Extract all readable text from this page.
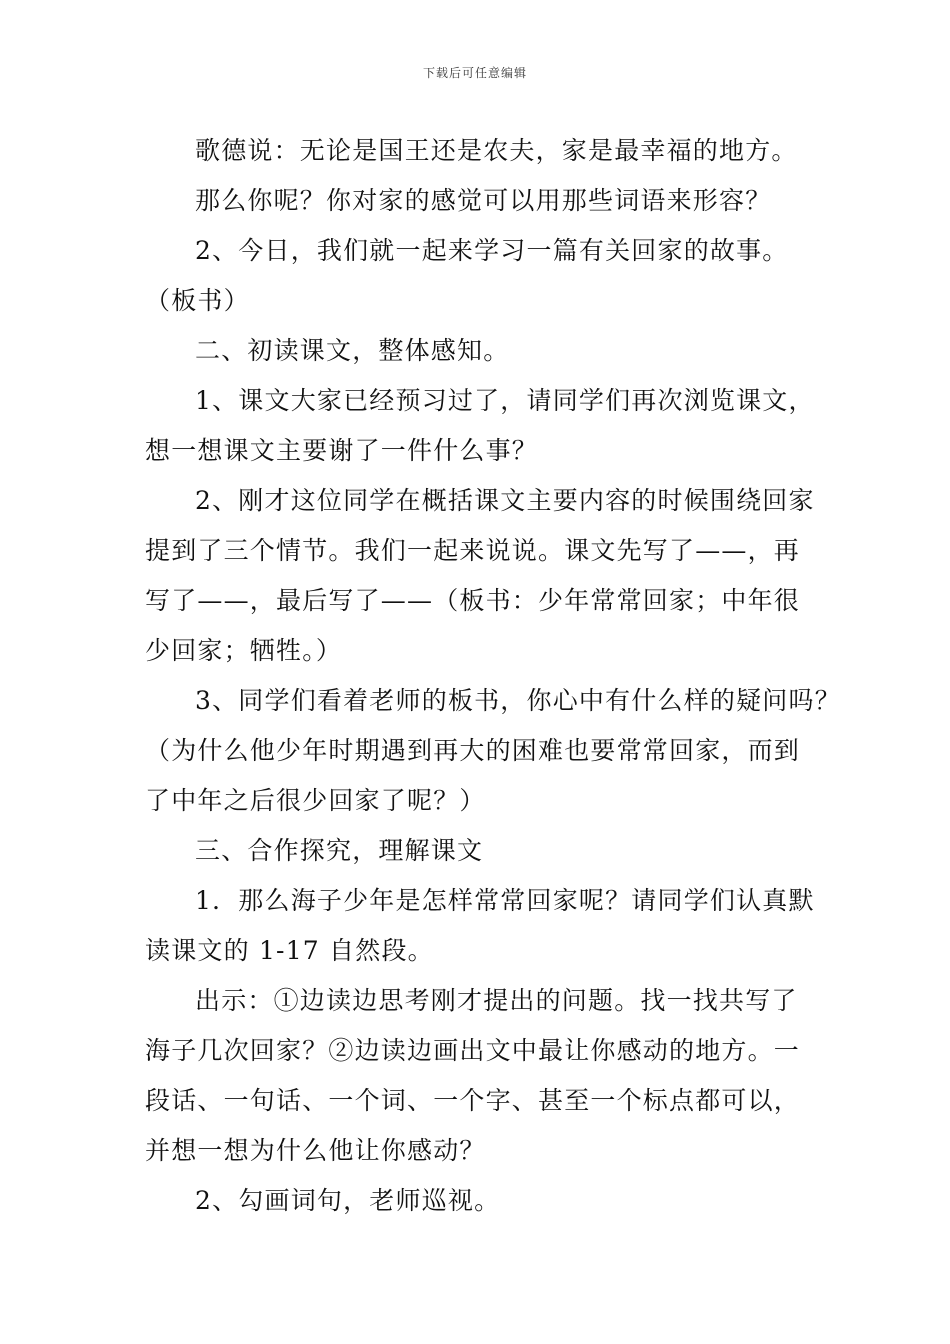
下载后可任意编辑
歌德说：无论是国王还是农夫，家是最幸福的地方。
那么你呢？你对家的感觉可以用那些词语来形容？
2、今日，我们就一起来学习一篇有关回家的故事。
（板书）
二、初读课文，整体感知。
1、课文大家已经预习过了，请同学们再次浏览课文，
想一想课文主要谢了一件什么事？
2、刚才这位同学在概括课文主要内容的时候围绕回家
提到了三个情节。我们一起来说说。课文先写了——，再
写了——，最后写了——（板书：少年常常回家；中年很
少回家；牺牲。）
3、同学们看着老师的板书，你心中有什么样的疑问吗？
（为什么他少年时期遇到再大的困难也要常常回家，而到
了中年之后很少回家了呢？）
三、合作探究，理解课文
1．那么海子少年是怎样常常回家呢？请同学们认真默
读课文的 1-17 自然段。
出示：①边读边思考刚才提出的问题。找一找共写了
海子几次回家？②边读边画出文中最让你感动的地方。一
段话、一句话、一个词、一个字、甚至一个标点都可以，
并想一想为什么他让你感动？
2、勾画词句，老师巡视。
